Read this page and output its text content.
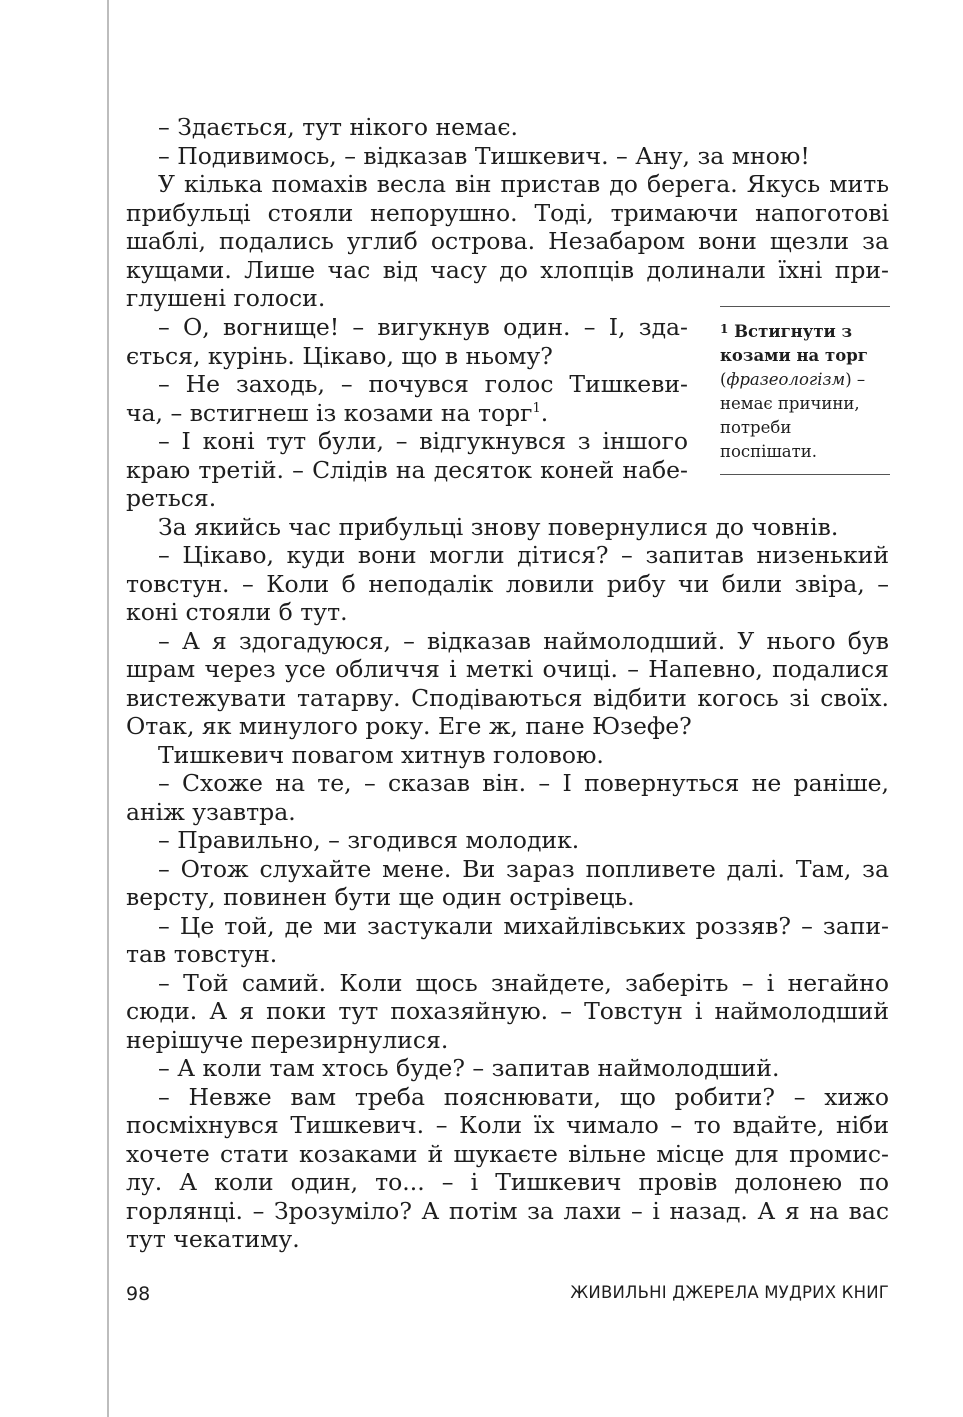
– Здається, тут нікого немає.
– Подивимось, – відказав Тишкевич. – Ану, за мною!
У кілька помахів весла він пристав до берега. Якусь мить
прибульці стояли непорушно. Тоді, тримаючи напоготові
шаблі, подались углиб острова. Незабаром вони щезли за
кущами. Лише час від часу до хлопців долинали їхні при-
глушені голоси.
– О, вогнище! – вигукнув один. – І, зда-
ється, курінь. Цікаво, що в ньому?
– Не заходь, – почувся голос Тишкеви-
ча, – встигнеш із козами на торг$^1$.
– І коні тут були, – відгукнувся з іншого
краю третій. – Слідів на десяток коней набе-
реться.
За якийсь час прибульці знову повернулися до човнів.
– Цікаво, куди вони могли дітися? – запитав низенький
товстун. – Коли б неподалік ловили рибу чи били звіра, –
коні стояли б тут.
– А я здогадуюся, – відказав наймолодший. У нього був
шрам через усе обличчя і меткі очиці. – Напевно, подалися
вистежувати татарву. Сподіваються відбити когось зі своїх.
Отак, як минулого року. Еге ж, пане Юзефе?
Тишкевич повагом хитнув головою.
– Схоже на те, – сказав він. – І повернуться не раніше,
аніж узавтра.
– Правильно, – згодився молодик.
– Отож слухайте мене. Ви зараз попливете далі. Там, за
версту, повинен бути ще один острівець.
– Це той, де ми застукали михайлівських роззяв? – запи-
тав товстун.
– Той самий. Коли щось знайдете, заберіть – і негайно
сюди. А я поки тут похазяйную. – Товстун і наймолодший
нерішуче перезирнулися.
– А коли там хтось буде? – запитав наймолодший.
– Невже вам треба пояснювати, що робити? – хижо
посміхнувся Тишкевич. – Коли їх чимало – то вдайте, ніби
хочете стати козаками й шукаєте вільне місце для промис-
лу. А коли один, то... – і Тишкевич провів долонею по
горлянці. – Зрозуміло? А потім за лахи – і назад. А я на вас
тут чекатиму.
$^1$ Встигнути з
козами на торг
(фразеологізм) –
немає причини,
потреби
поспішати.
98	ЖИВИЛЬНІ ДЖЕРЕЛА МУДРИХ КНИГ
